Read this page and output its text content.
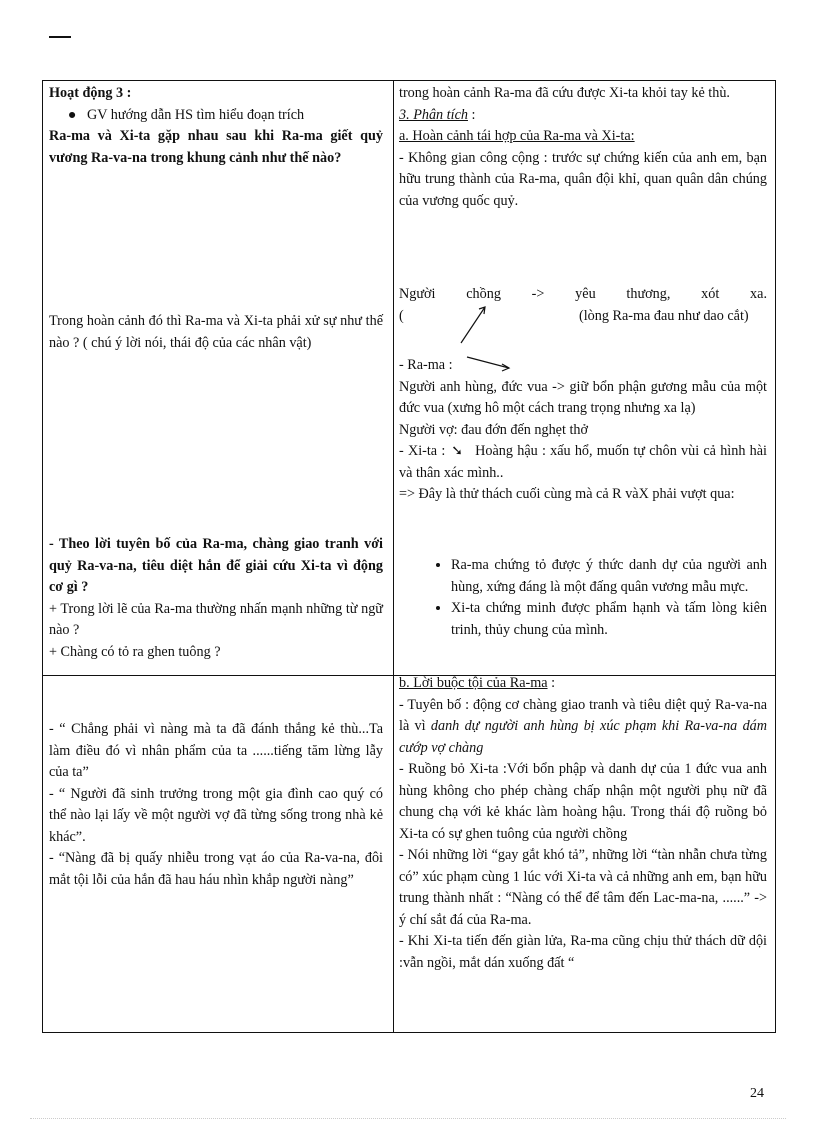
Hoạt động 3 :

● GV hướng dẫn HS tìm hiểu đoạn trích

Ra-ma và Xi-ta gặp nhau sau khi Ra-ma giết quỷ vương Ra-va-na trong khung cảnh như thế nào?

Trong hoàn cảnh đó thì Ra-ma và Xi-ta phải xử sự như thế nào ? ( chú ý lời nói, thái độ của các nhân vật)

- Theo lời tuyên bố của Ra-ma, chàng giao tranh với quỷ Ra-va-na, tiêu diệt hắn để giải cứu Xi-ta vì động cơ gì ?

+ Trong lời lẽ của Ra-ma thường nhấn mạnh những từ ngữ nào ?

+ Chàng có tỏ ra ghen tuông ?

- “ Chẳng phải vì nàng mà ta đã đánh thắng kẻ thù...Ta làm điều đó vì nhân phẩm của ta ......tiếng tăm lừng lẫy của ta”

- “ Người đã sinh trưởng trong một gia đình cao quý có thể nào lại lấy về một người vợ đã từng sống trong nhà kẻ khác”.

- “Nàng đã bị quấy nhiễu trong vạt áo của Ra-va-na, đôi mắt tội lỗi của hắn đã hau háu nhìn khắp người nàng”

trong hoàn cảnh Ra-ma đã cứu được Xi-ta khỏi tay kẻ thù.

3. Phân tích :

a. Hoàn cảnh tái hợp của Ra-ma và Xi-ta:

- Không gian công cộng : trước sự chứng kiến của anh em, bạn hữu trung thành của Ra-ma, quân đội khỉ, quan quân dân chúng của vương quốc quỷ.

Người chồng -> yêu thương, xót xa.

(	(lòng Ra-ma đau như dao cắt)

- Ra-ma :

Người anh hùng, đức vua -> giữ bổn phận gương mẫu của một đức vua (xưng hô một cách trang trọng nhưng xa lạ)

Người vợ: đau đớn đến nghẹt thở

- Xi-ta : ➘ Hoàng hậu : xấu hổ, muốn tự chôn vùi cả hình hài và thân xác mình..

=> Đây là thử thách cuối cùng mà cả R vàX phải vượt qua:

• Ra-ma chứng tỏ được ý thức danh dự của người anh hùng, xứng đáng là một đấng quân vương mẫu mực.
• Xi-ta chứng minh được phẩm hạnh và tấm lòng kiên trinh, thủy chung của mình.

b. Lời buộc tội của Ra-ma :

- Tuyên bố : động cơ chàng giao tranh và tiêu diệt quỷ Ra-va-na là vì danh dự người anh hùng bị xúc phạm khi Ra-va-na dám cướp vợ chàng

- Ruồng bỏ Xi-ta :Với bổn phập và danh dự của 1 đức vua anh hùng không cho phép chàng chấp nhận một người phụ nữ đã chung chạ với kẻ khác làm hoàng hậu. Trong thái độ ruồng bỏ Xi-ta có sự ghen tuông của người chồng

- Nói những lời “gay gắt khó tả”, những lời “tàn nhẫn chưa từng có” xúc phạm cùng 1 lúc với Xi-ta và cả những anh em, bạn hữu trung thành nhất : “Nàng có thể để tâm đến Lac-ma-na, ......” -> ý chí sắt đá của Ra-ma.

- Khi Xi-ta tiến đến giàn lửa, Ra-ma cũng chịu thử thách dữ dội :vẫn ngồi, mắt dán xuống đất “

24
